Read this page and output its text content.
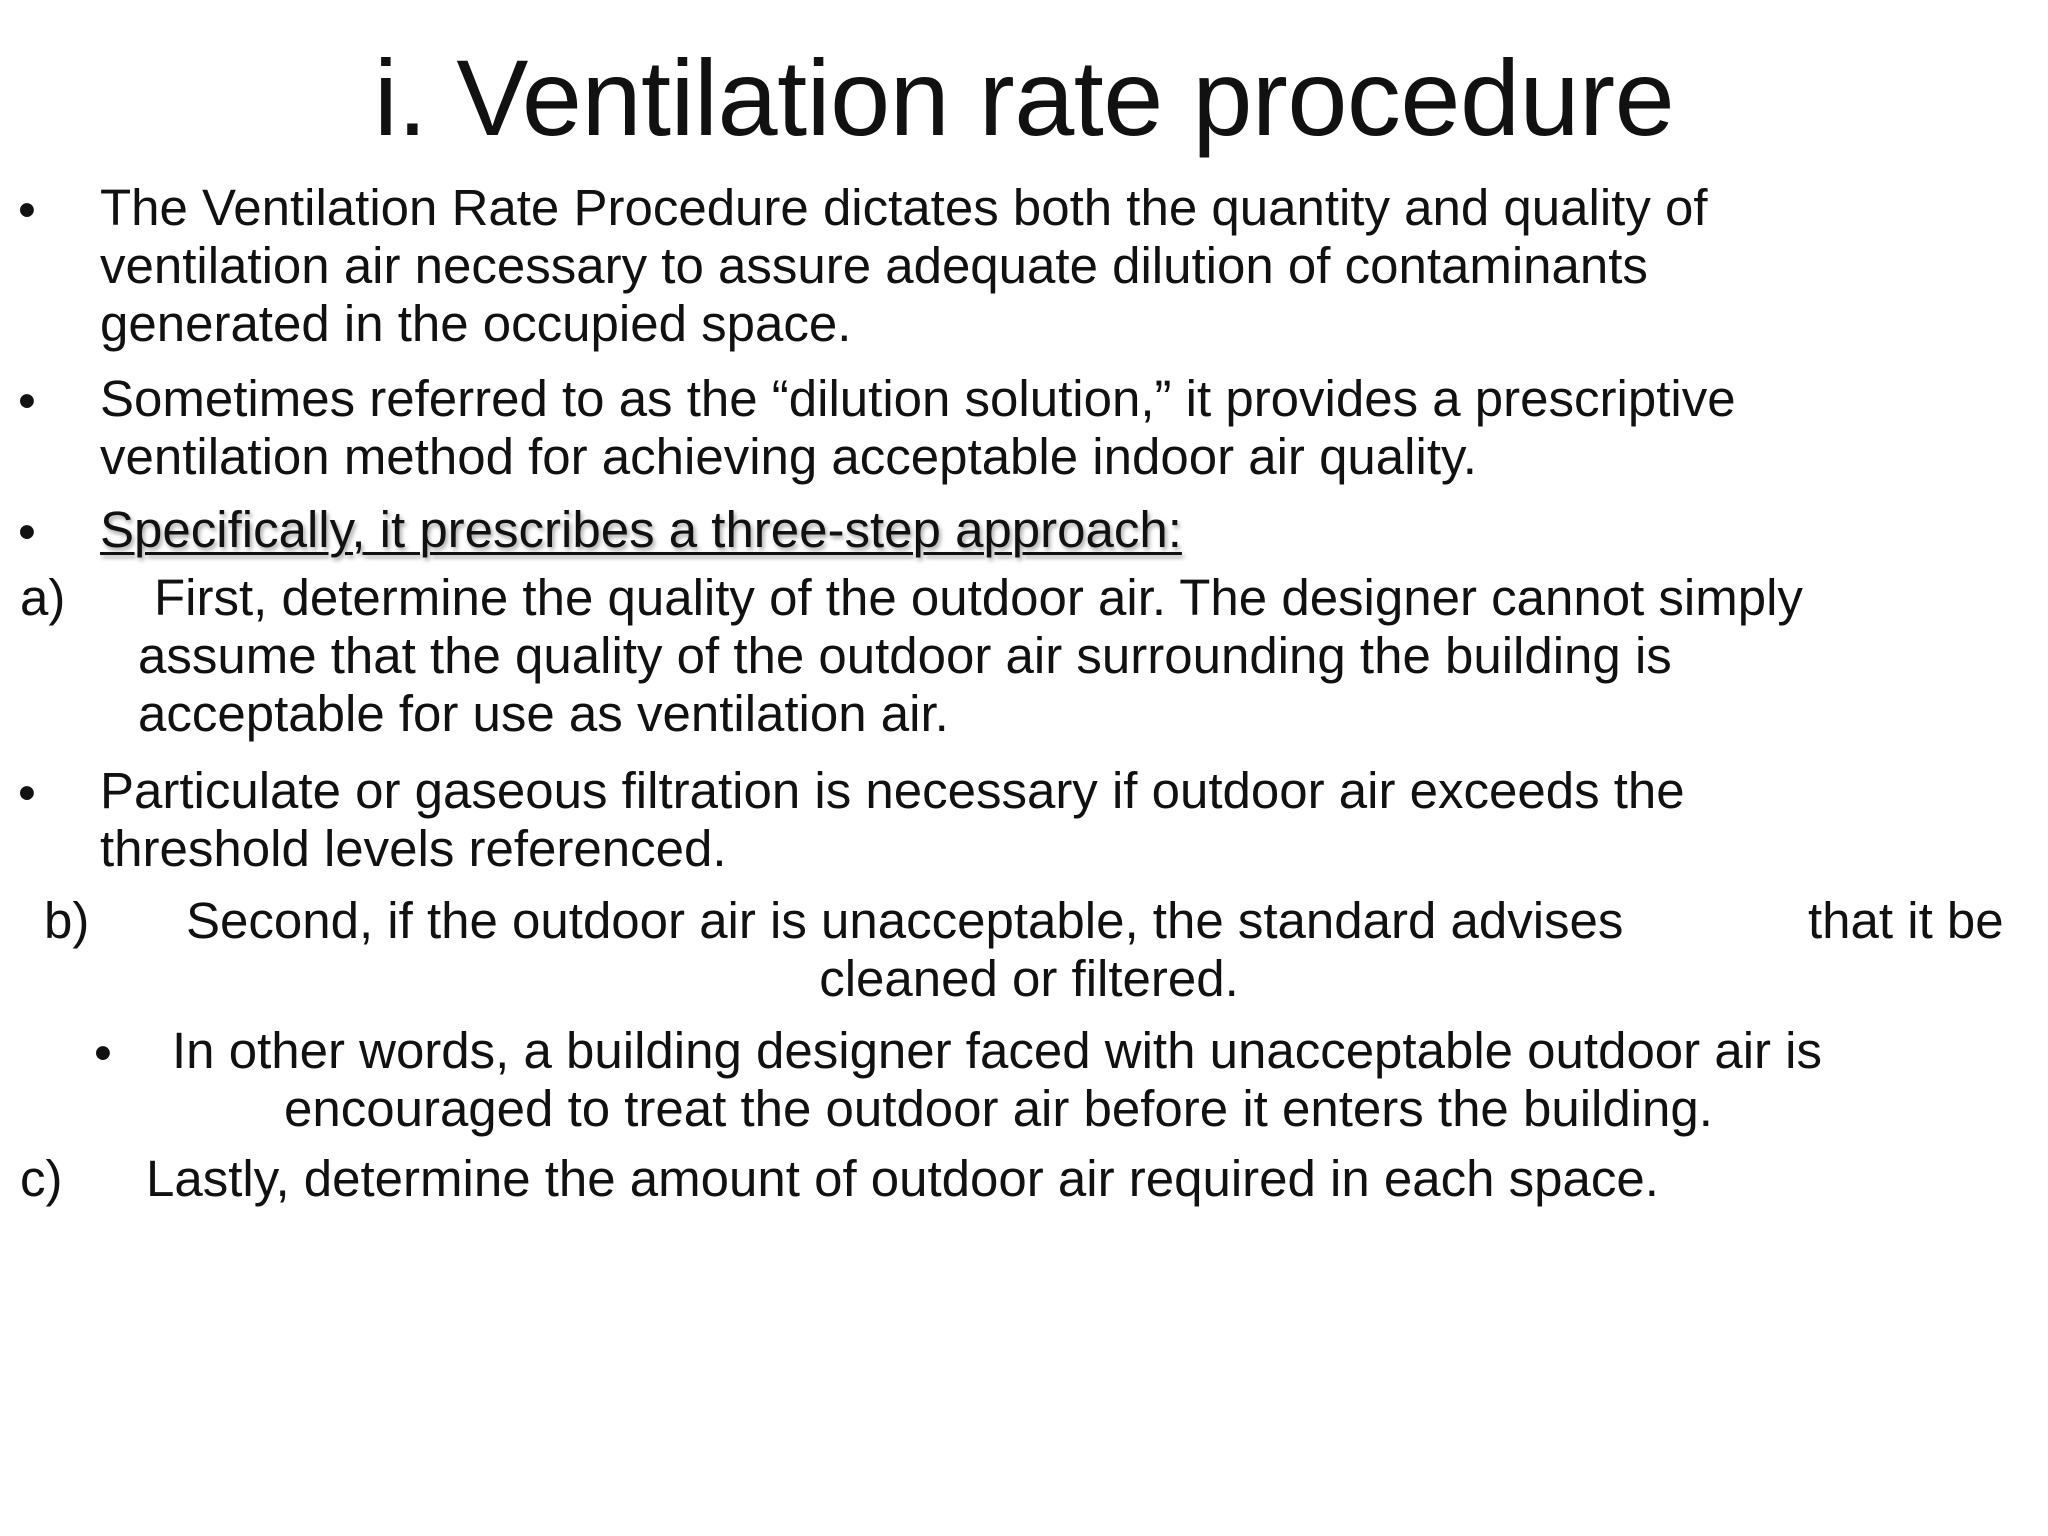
i. Ventilation rate procedure
• The Ventilation Rate Procedure dictates both the quantity and quality of
ventilation air necessary to assure adequate dilution of contaminants
generated in the occupied space.
• Sometimes referred to as the “dilution solution,” it provides a prescriptive
ventilation method for achieving acceptable indoor air quality.
• Specifically, it prescribes a three-step approach:
a) First, determine the quality of the outdoor air. The designer cannot simply
assume that the quality of the outdoor air surrounding the building is
acceptable for use as ventilation air.
• Particulate or gaseous filtration is necessary if outdoor air exceeds the
threshold levels referenced.
b) Second, if the outdoor air is unacceptable, the standard advises	that it be
cleaned or filtered.
• In other words, a building designer faced with unacceptable outdoor air is
encouraged to treat the outdoor air before it enters the building.
c) Lastly, determine the amount of outdoor air required in each space.
